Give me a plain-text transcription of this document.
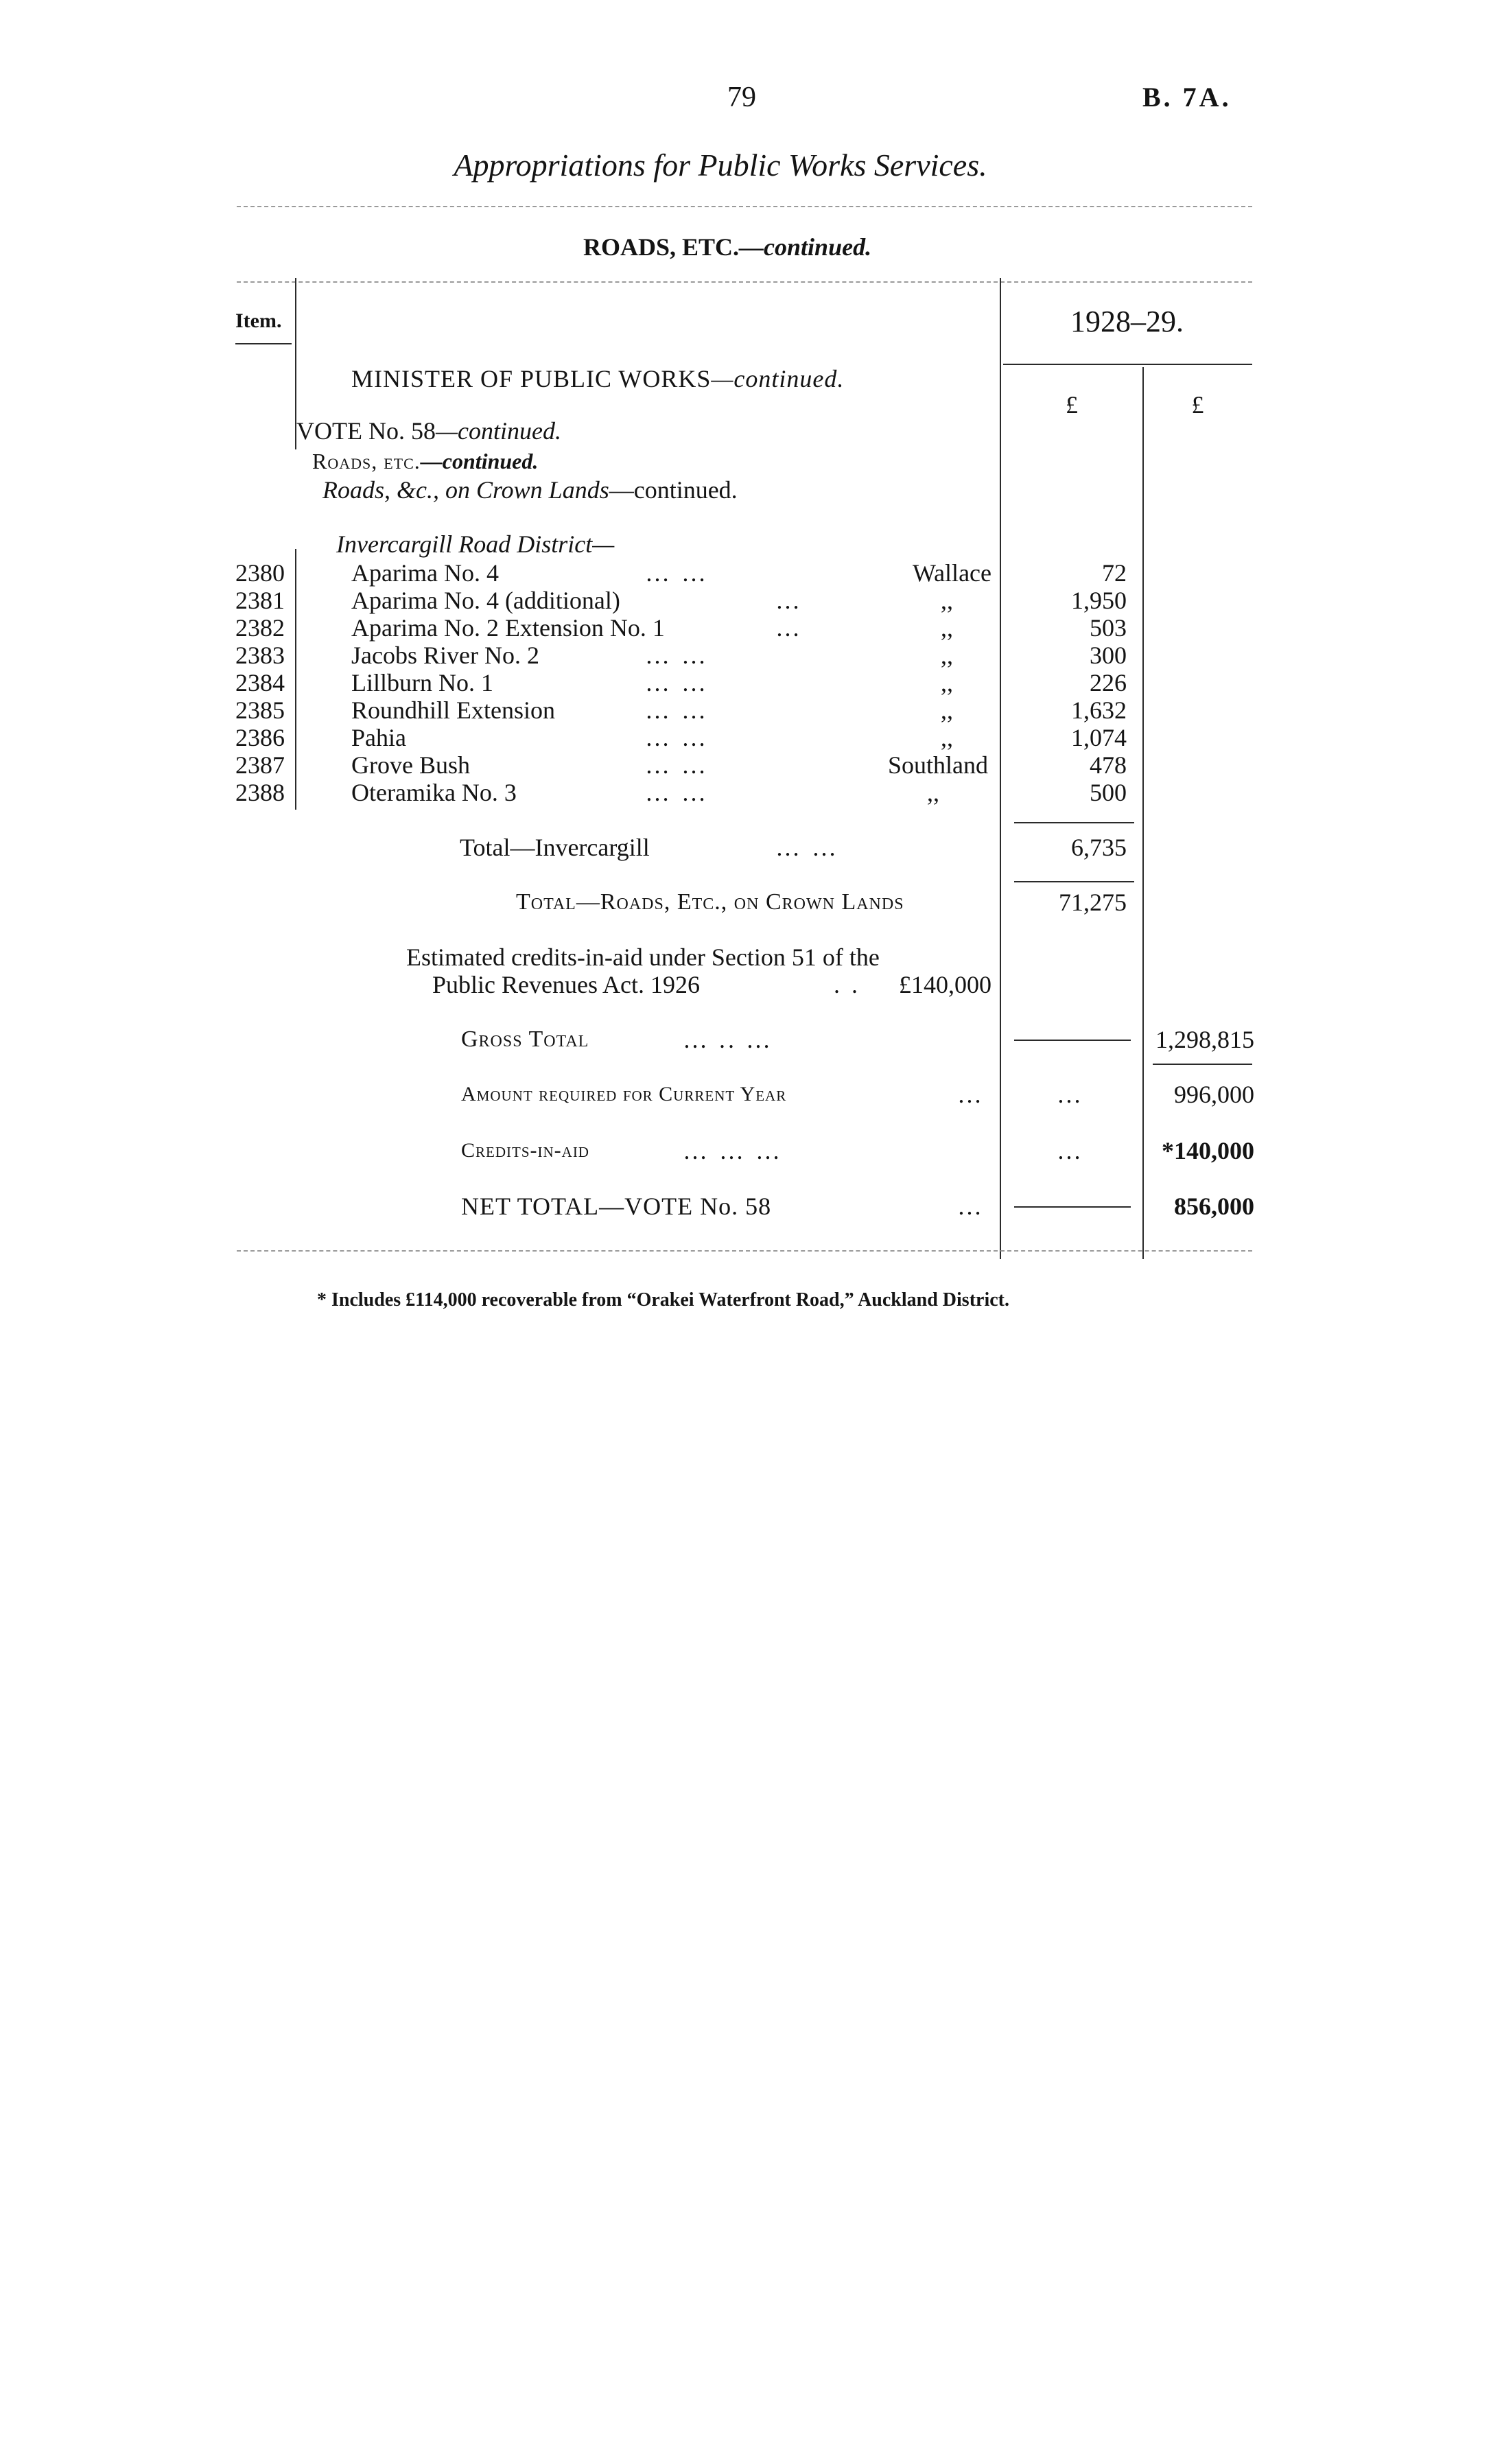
79	B. 7A.
Appropriations for Public Works Services.
ROADS, ETC.—continued.
Item.	1928–29.
£	£
MINISTER OF PUBLIC WORKS—continued.
VOTE No. 58—continued.
Roads, etc.—continued.
Roads, &c., on Crown Lands—continued.
Invercargill Road District—
2380	Aparima No. 4	Wallace	72
2381	Aparima No. 4 (additional)	,,	1,950
2382	Aparima No. 2 Extension No. 1	,,	503
2383	Jacobs River No. 2	,,	300
2384	Lillburn No. 1	,,	226
2385	Roundhill Extension	,,	1,632
2386	Pahia	,,	1,074
2387	Grove Bush	Southland	478
2388	Oteramika No. 3	,,	500
… …
…
…
… …
… …
… …
… …
… …
… …
Total—Invercargill	… …	6,735
Total—Roads, Etc., on Crown Lands	71,275
Estimated credits-in-aid under Section 51 of the
Public Revenues Act. 1926	. .	£140,000
Gross Total	… .. …	1,298,815
Amount required for Current Year	…	…	996,000
Credits-in-aid	… … …	…	*140,000
NET TOTAL—VOTE No. 58	…	856,000
* Includes £114,000 recoverable from “Orakei Waterfront Road,” Auckland District.
